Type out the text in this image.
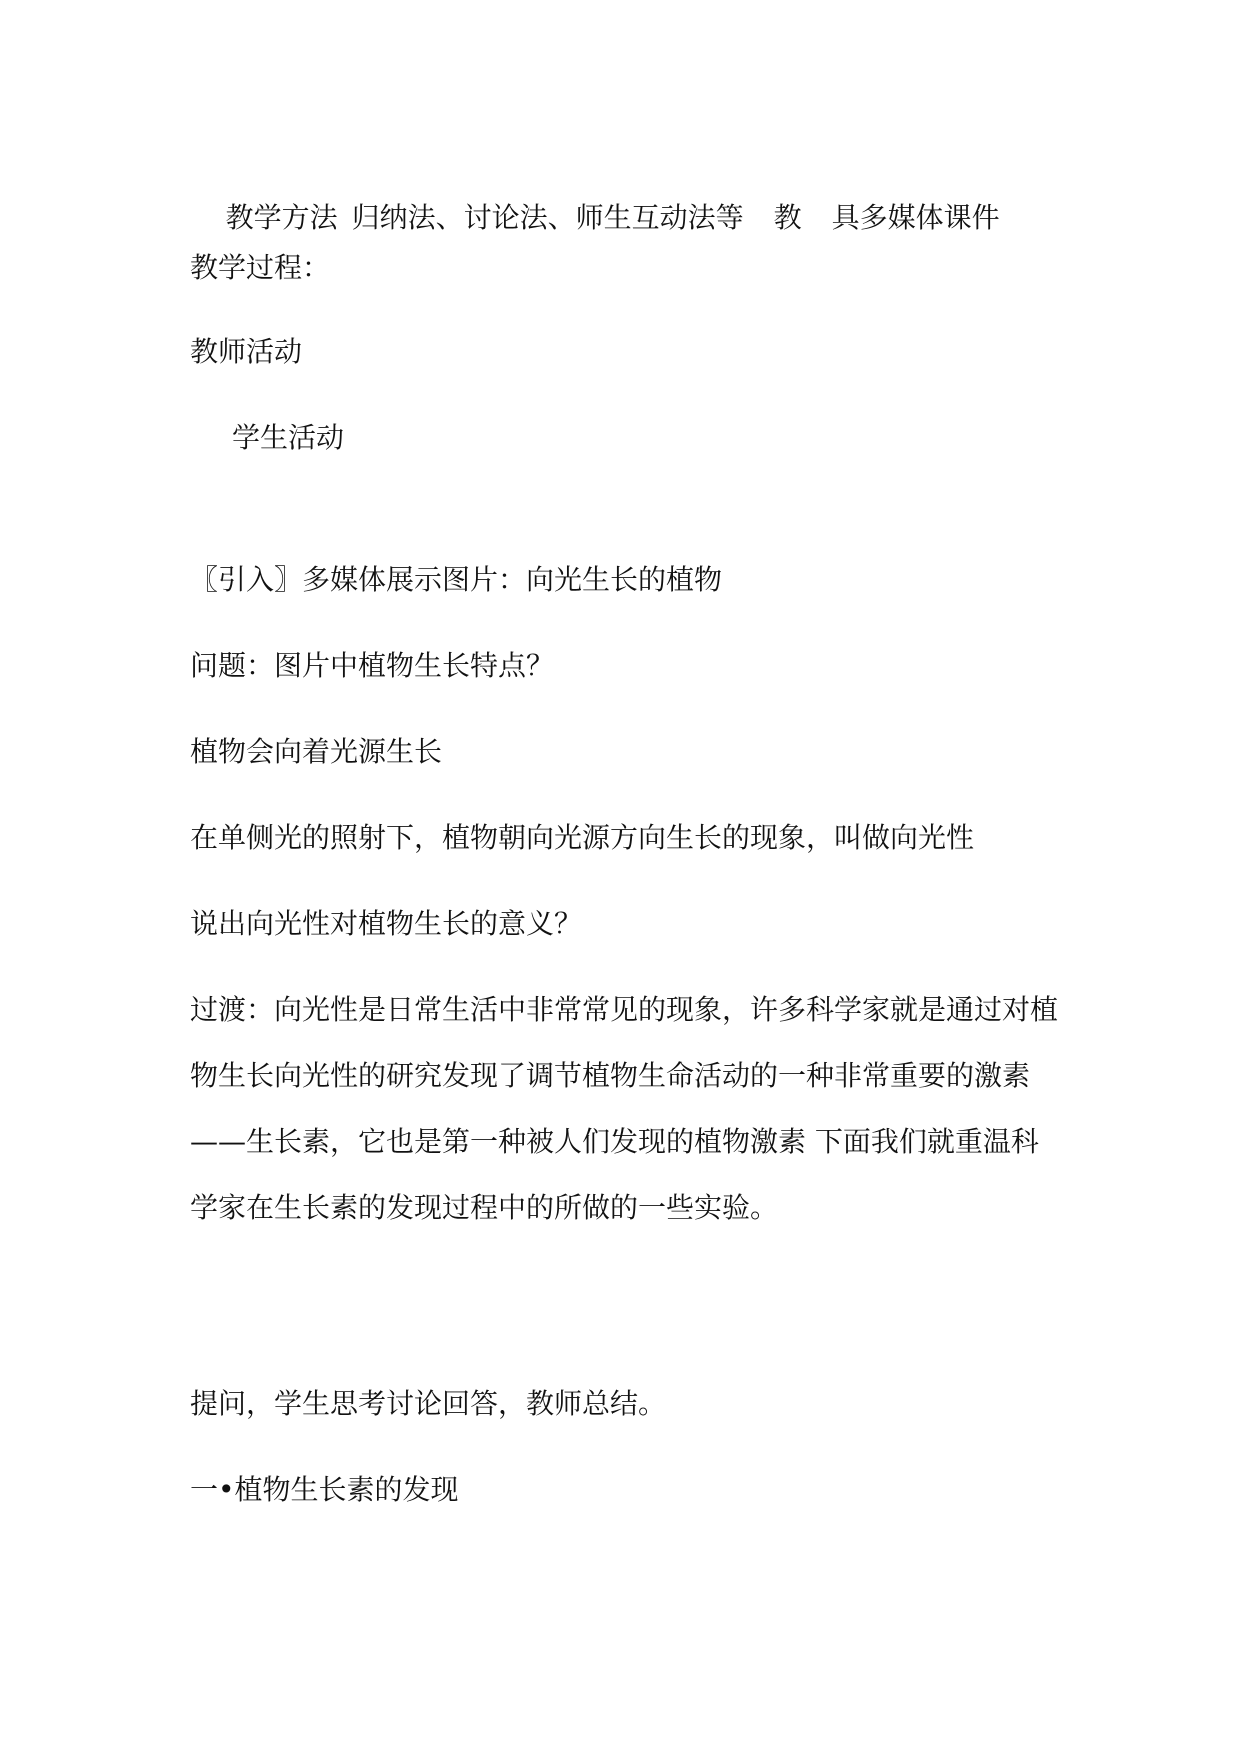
教学方法 归纳法、讨论法、师生互动法等 教 具多媒体课件

教学过程：
教师活动
学生活动
〖引入〗多媒体展示图片：向光生长的植物
问题：图片中植物生长特点？
植物会向着光源生长
在单侧光的照射下，植物朝向光源方向生长的现象，叫做向光性
说出向光性对植物生长的意义？
过渡：向光性是日常生活中非常常见的现象，许多科学家就是通过对植
物生长向光性的研究发现了调节植物生命活动的一种非常重要的激素
——生长素，它也是第一种被人们发现的植物激素 下面我们就重温科
学家在生长素的发现过程中的所做的一些实验。
提问，学生思考讨论回答，教师总结。
一•植物生长素的发现
